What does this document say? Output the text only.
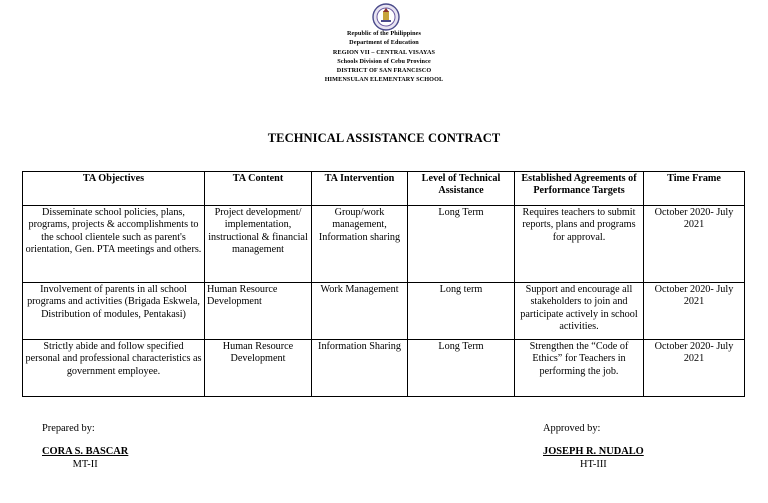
Republic of the Philippines
Department of Education
REGION VII – CENTRAL VISAYAS
Schools Division of Cebu Province
DISTRICT OF SAN FRANCISCO
HIMENSULAN ELEMENTARY SCHOOL
TECHNICAL ASSISTANCE CONTRACT
TA Objectives	TA Content	TA Intervention	Level of Technical Assistance	Established Agreements of Performance Targets	Time Frame
Disseminate school policies, plans, programs, projects & accomplishments to the school clientele such as parent's orientation, Gen. PTA meetings and others.	Project development/ implementation, instructional & financial management	Group/work management, Information sharing	Long Term	Requires teachers to submit reports, plans and programs for approval.	October 2020- July 2021
Involvement of parents in all school programs and activities (Brigada Eskwela, Distribution of modules, Pentakasi)	Human Resource Development	Work Management	Long term	Support and encourage all stakeholders to join and participate actively in school activities.	October 2020- July 2021
Strictly abide and follow specified personal and professional characteristics as government employee.	Human Resource Development	Information Sharing	Long Term	Strengthen the “Code of Ethics” for Teachers in performing the job.	October 2020- July 2021
Prepared by:
CORA S. BASCAR
MT-II
Approved by:
JOSEPH R. NUDALO
HT-III
